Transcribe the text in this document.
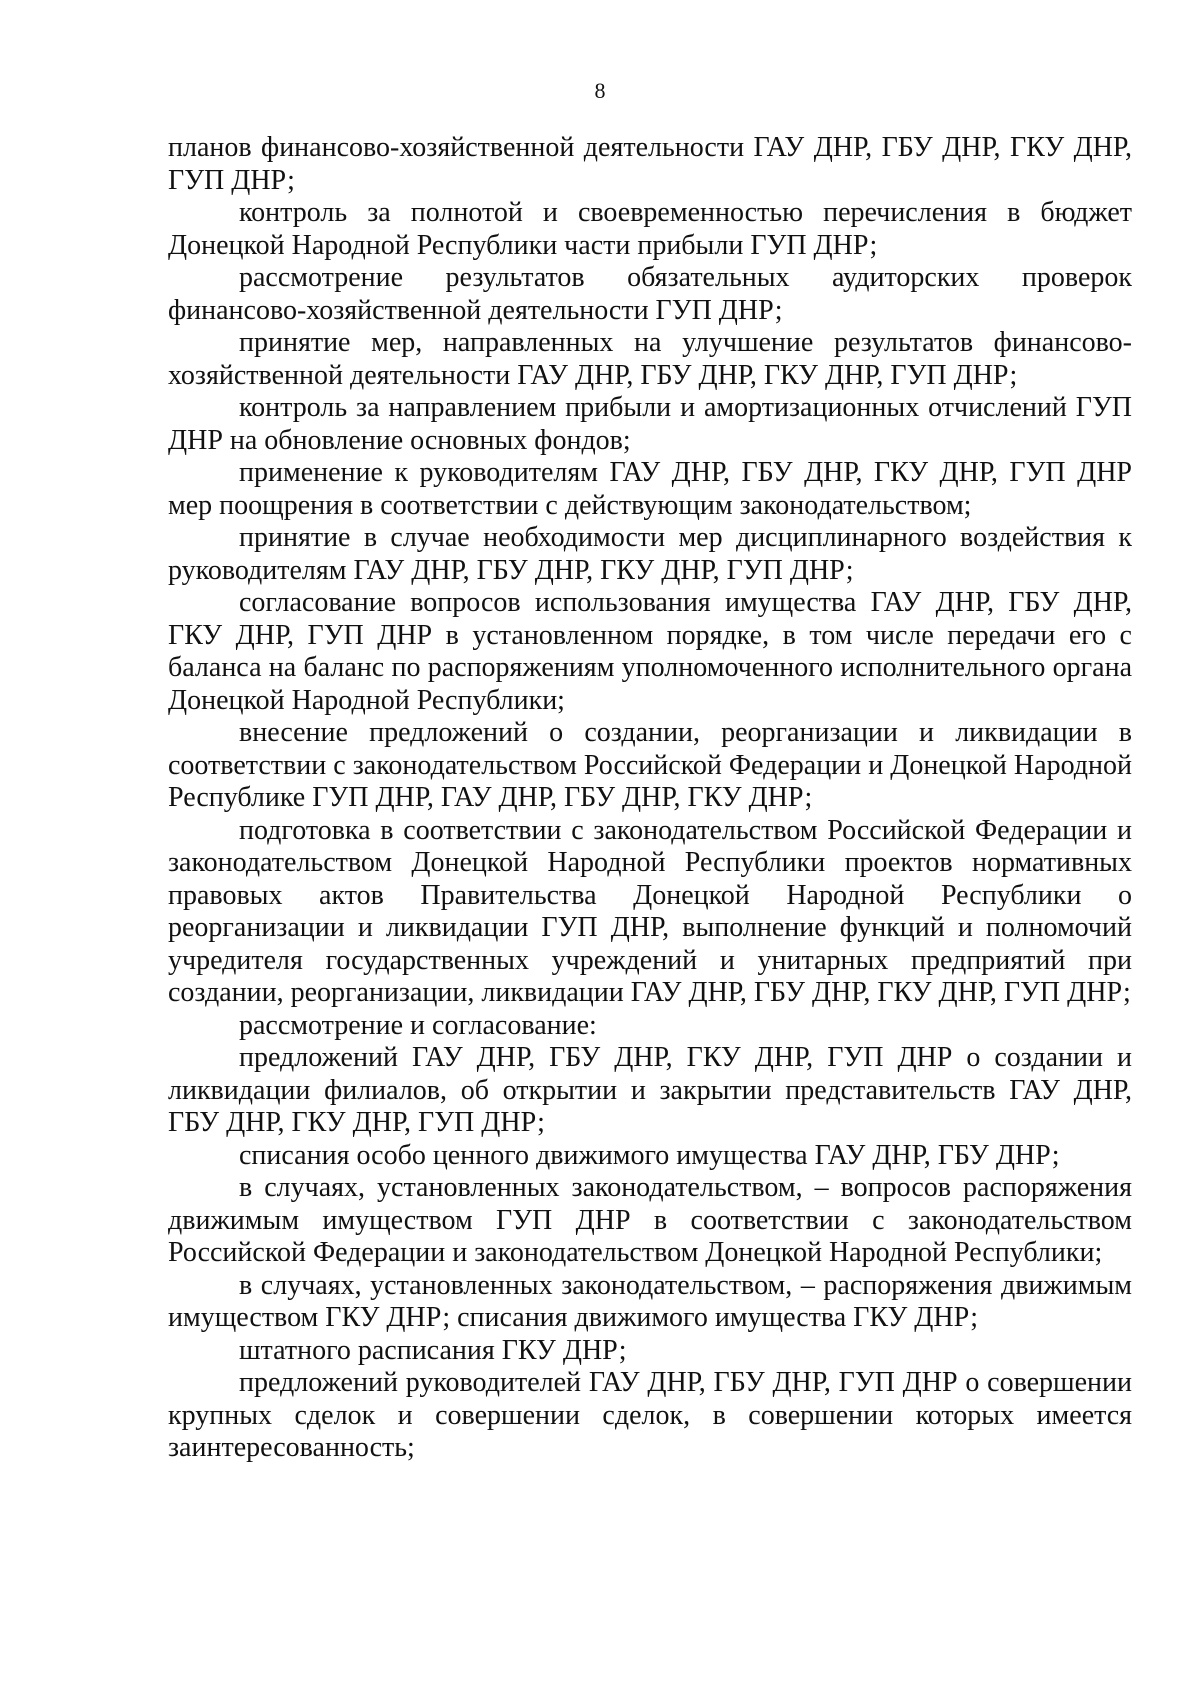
8

планов финансово-хозяйственной деятельности ГАУ ДНР, ГБУ ДНР, ГКУ ДНР, ГУП ДНР;

контроль за полнотой и своевременностью перечисления в бюджет Донецкой Народной Республики части прибыли ГУП ДНР;

рассмотрение результатов обязательных аудиторских проверок финансово-хозяйственной деятельности ГУП ДНР;

принятие мер, направленных на улучшение результатов финансово-хозяйственной деятельности ГАУ ДНР, ГБУ ДНР, ГКУ ДНР, ГУП ДНР;

контроль за направлением прибыли и амортизационных отчислений ГУП ДНР на обновление основных фондов;

применение к руководителям ГАУ ДНР, ГБУ ДНР, ГКУ ДНР, ГУП ДНР мер поощрения в соответствии с действующим законодательством;

принятие в случае необходимости мер дисциплинарного воздействия к руководителям ГАУ ДНР, ГБУ ДНР, ГКУ ДНР, ГУП ДНР;

согласование вопросов использования имущества ГАУ ДНР, ГБУ ДНР, ГКУ ДНР, ГУП ДНР в установленном порядке, в том числе передачи его с баланса на баланс по распоряжениям уполномоченного исполнительного органа Донецкой Народной Республики;

внесение предложений о создании, реорганизации и ликвидации в соответствии с законодательством Российской Федерации и Донецкой Народной Республике ГУП ДНР, ГАУ ДНР, ГБУ ДНР, ГКУ ДНР;

подготовка в соответствии с законодательством Российской Федерации и законодательством Донецкой Народной Республики проектов нормативных правовых актов Правительства Донецкой Народной Республики о реорганизации и ликвидации ГУП ДНР, выполнение функций и полномочий учредителя государственных учреждений и унитарных предприятий при создании, реорганизации, ликвидации ГАУ ДНР, ГБУ ДНР, ГКУ ДНР, ГУП ДНР;

рассмотрение и согласование:

предложений ГАУ ДНР, ГБУ ДНР, ГКУ ДНР, ГУП ДНР о создании и ликвидации филиалов, об открытии и закрытии представительств ГАУ ДНР, ГБУ ДНР, ГКУ ДНР, ГУП ДНР;

списания особо ценного движимого имущества ГАУ ДНР, ГБУ ДНР;

в случаях, установленных законодательством, – вопросов распоряжения движимым имуществом ГУП ДНР в соответствии с законодательством Российской Федерации и законодательством Донецкой Народной Республики;

в случаях, установленных законодательством, – распоряжения движимым имуществом ГКУ ДНР; списания движимого имущества ГКУ ДНР;

штатного расписания ГКУ ДНР;

предложений руководителей ГАУ ДНР, ГБУ ДНР, ГУП ДНР о совершении крупных сделок и совершении сделок, в совершении которых имеется заинтересованность;
